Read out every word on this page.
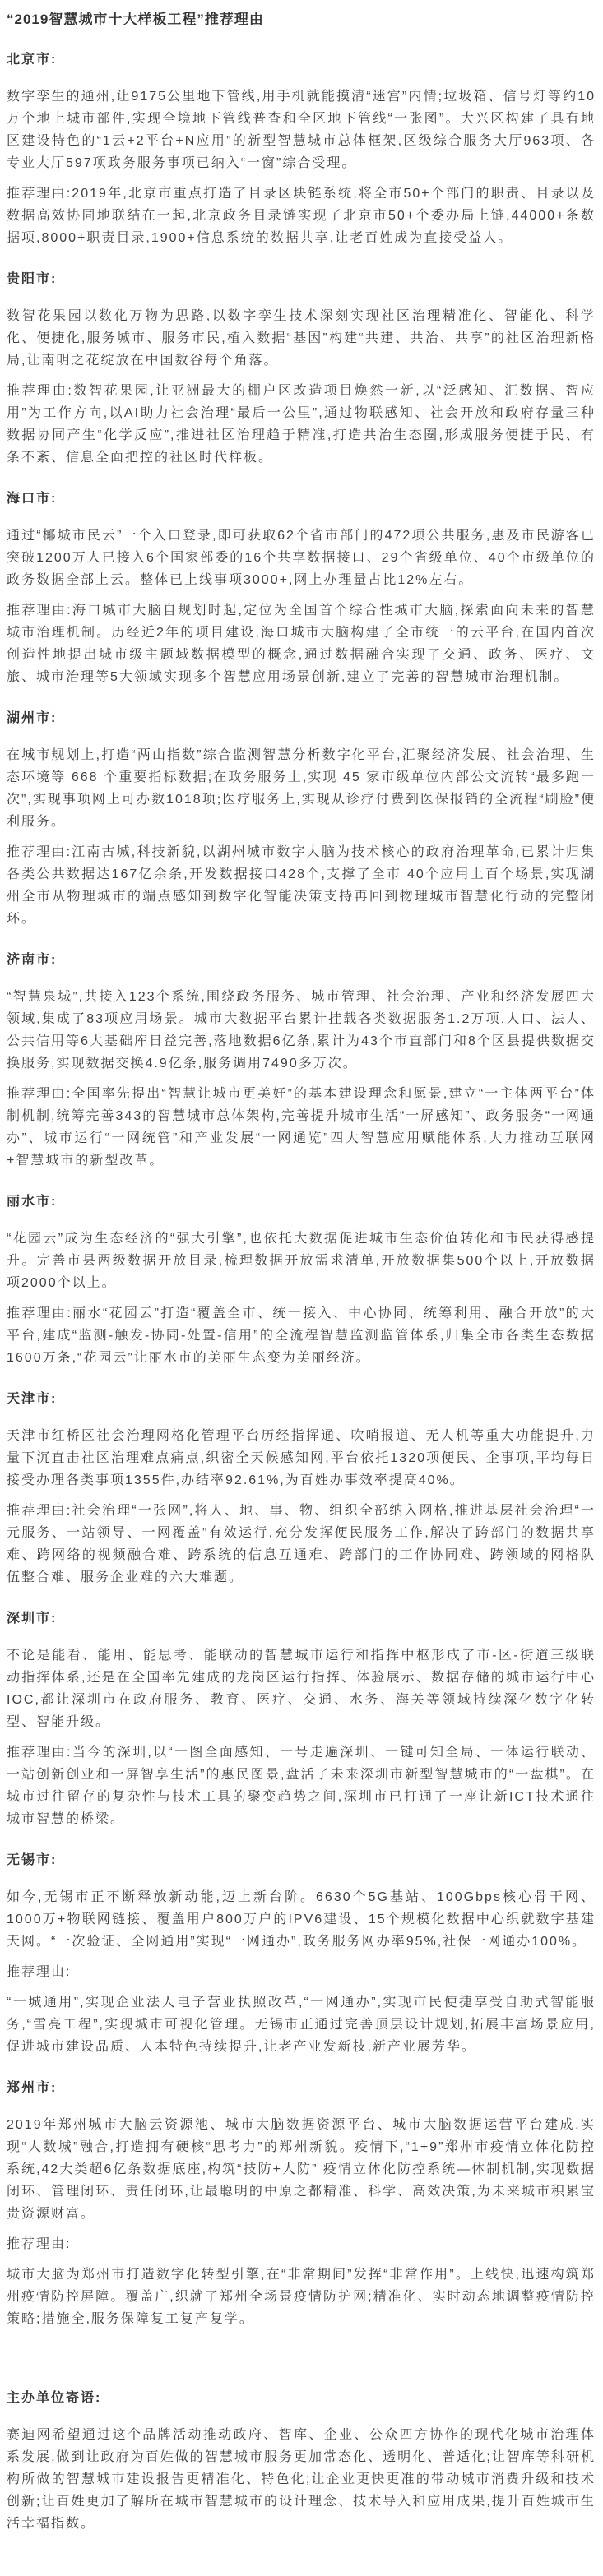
“2019智慧城市十大样板工程”推荐理由
北京市:

数字孪生的通州,让9175公里地下管线,用手机就能摸清“迷宫”内情;垃圾箱、信号灯等约10万个地上城市部件,实现全境地下管线普查和全区地下管线“一张图”。大兴区构建了具有地区建设特色的“1云+2平台+N应用”的新型智慧城市总体框架,区级综合服务大厅963项、各专业大厅597项政务服务事项已纳入“一窗”综合受理。

推荐理由:2019年,北京市重点打造了目录区块链系统,将全市50+个部门的职责、目录以及数据高效协同地联结在一起,北京政务目录链实现了北京市50+个委办局上链,44000+条数据项,8000+职责目录,1900+信息系统的数据共享,让老百姓成为直接受益人。

贵阳市:

数智花果园以数化万物为思路,以数字孪生技术深刻实现社区治理精准化、智能化、科学化、便捷化,服务城市、服务市民,植入数据“基因”构建“共建、共治、共享”的社区治理新格局,让南明之花绽放在中国数谷每个角落。

推荐理由:数智花果园,让亚洲最大的棚户区改造项目焕然一新,以“泛感知、汇数据、智应用”为工作方向,以AI助力社会治理“最后一公里”,通过物联感知、社会开放和政府存量三种数据协同产生“化学反应”,推进社区治理趋于精准,打造共治生态圈,形成服务便捷于民、有条不紊、信息全面把控的社区时代样板。

海口市:

通过“椰城市民云”一个入口登录,即可获取62个省市部门的472项公共服务,惠及市民游客已突破1200万人已接入6个国家部委的16个共享数据接口、29个省级单位、40个市级单位的政务数据全部上云。整体已上线事项3000+,网上办理量占比12%左右。

推荐理由:海口城市大脑自规划时起,定位为全国首个综合性城市大脑,探索面向未来的智慧城市治理机制。历经近2年的项目建设,海口城市大脑构建了全市统一的云平台,在国内首次创造性地提出城市级主题域数据模型的概念,通过数据融合实现了交通、政务、医疗、文旅、城市治理等5大领域实现多个智慧应用场景创新,建立了完善的智慧城市治理机制。

湖州市:

在城市规划上,打造“两山指数”综合监测智慧分析数字化平台,汇聚经济发展、社会治理、生态环境等 668 个重要指标数据;在政务服务上,实现 45 家市级单位内部公文流转“最多跑一次”,实现事项网上可办数1018项;医疗服务上,实现从诊疗付费到医保报销的全流程“刷脸”便利服务。

推荐理由:江南古城,科技新貌,以湖州城市数字大脑为技术核心的政府治理革命,已累计归集各类公共数据达167亿余条,开发数据接口428个,支撑了全市 40个应用上百个场景,实现湖州全市从物理城市的端点感知到数字化智能决策支持再回到物理城市智慧化行动的完整闭环。

济南市:

“智慧泉城”,共接入123个系统,围绕政务服务、城市管理、社会治理、产业和经济发展四大领域,集成了83项应用场景。城市大数据平台累计挂载各类数据服务1.2万项,人口、法人、公共信用等6大基础库日益完善,落地数据6亿条,累计为43个市直部门和8个区县提供数据交换服务,实现数据交换4.9亿条,服务调用7490多万次。

推荐理由:全国率先提出“智慧让城市更美好”的基本建设理念和愿景,建立“一主体两平台”体制机制,统筹完善343的智慧城市总体架构,完善提升城市生活“一屏感知”、政务服务“一网通办”、城市运行“一网统管”和产业发展“一网通览”四大智慧应用赋能体系,大力推动互联网+智慧城市的新型改革。

丽水市:

“花园云”成为生态经济的“强大引擎”,也依托大数据促进城市生态价值转化和市民获得感提升。完善市县两级数据开放目录,梳理数据开放需求清单,开放数据集500个以上,开放数据项2000个以上。

推荐理由:丽水“花园云”打造“覆盖全市、统一接入、中心协同、统筹利用、融合开放”的大平台,建成“监测-触发-协同-处置-信用”的全流程智慧监测监管体系,归集全市各类生态数据1600万条,“花园云”让丽水市的美丽生态变为美丽经济。

天津市:

天津市红桥区社会治理网格化管理平台历经指挥通、吹哨报道、无人机等重大功能提升,力量下沉直击社区治理难点痛点,织密全天候感知网,平台依托1320项便民、企事项,平均每日接受办理各类事项1355件,办结率92.61%,为百姓办事效率提高40%。

推荐理由:社会治理“一张网”,将人、地、事、物、组织全部纳入网格,推进基层社会治理“一元服务、一站领导、一网覆盖”有效运行,充分发挥便民服务工作,解决了跨部门的数据共享难、跨网络的视频融合难、跨系统的信息互通难、跨部门的工作协同难、跨领域的网格队伍整合难、服务企业难的六大难题。

深圳市:

不论是能看、能用、能思考、能联动的智慧城市运行和指挥中枢形成了市-区-街道三级联动指挥体系,还是在全国率先建成的龙岗区运行指挥、体验展示、数据存储的城市运行中心IOC,都让深圳市在政府服务、教育、医疗、交通、水务、海关等领域持续深化数字化转型、智能升级。

推荐理由:当今的深圳,以“一图全面感知、一号走遍深圳、一键可知全局、一体运行联动、一站创新创业和一屏智享生活”的惠民图景,盘活了未来深圳市新型智慧城市的“一盘棋”。在城市过往留存的复杂性与技术工具的聚变趋势之间,深圳市已打通了一座让新ICT技术通往城市智慧的桥梁。

无锡市:

如今,无锡市正不断释放新动能,迈上新台阶。6630个5G基站、100Gbps核心骨干网、1000万+物联网链接、覆盖用户800万户的IPV6建设、15个规模化数据中心织就数字基建天网。“一次验证、全网通用”实现“一网通办”,政务服务网办率95%,社保一网通办100%。

推荐理由:

“一城通用”,实现企业法人电子营业执照改革,“一网通办”,实现市民便捷享受自助式智能服务,“雪亮工程”,实现城市可视化管理。无锡市正通过完善顶层设计规划,拓展丰富场景应用,促进城市建设品质、人本特色持续提升,让老产业发新枝,新产业展芳华。

郑州市:

2019年郑州城市大脑云资源池、城市大脑数据资源平台、城市大脑数据运营平台建成,实现“人数城”融合,打造拥有硬核“思考力”的郑州新貌。疫情下,“1+9”郑州市疫情立体化防控系统,42大类超6亿条数据底座,构筑“技防+人防” 疫情立体化防控系统—体制机制,实现数据闭环、管理闭环、责任闭环,让最聪明的中原之都精准、科学、高效决策,为未来城市积累宝贵资源财富。

推荐理由:

城市大脑为郑州市打造数字化转型引擎,在“非常期间”发挥“非常作用”。上线快,迅速构筑郑州疫情防控屏障。覆盖广,织就了郑州全场景疫情防护网;精准化、实时动态地调整疫情防控策略;措施全,服务保障复工复产复学。

主办单位寄语:

赛迪网希望通过这个品牌活动推动政府、智库、企业、公众四方协作的现代化城市治理体系发展,做到让政府为百姓做的智慧城市服务更加常态化、透明化、普适化;让智库等科研机构所做的智慧城市建设报告更精准化、特色化;让企业更快更准的带动城市消费升级和技术创新;让百姓更加了解所在城市智慧城市的设计理念、技术导入和应用成果,提升百姓城市生活幸福指数。
